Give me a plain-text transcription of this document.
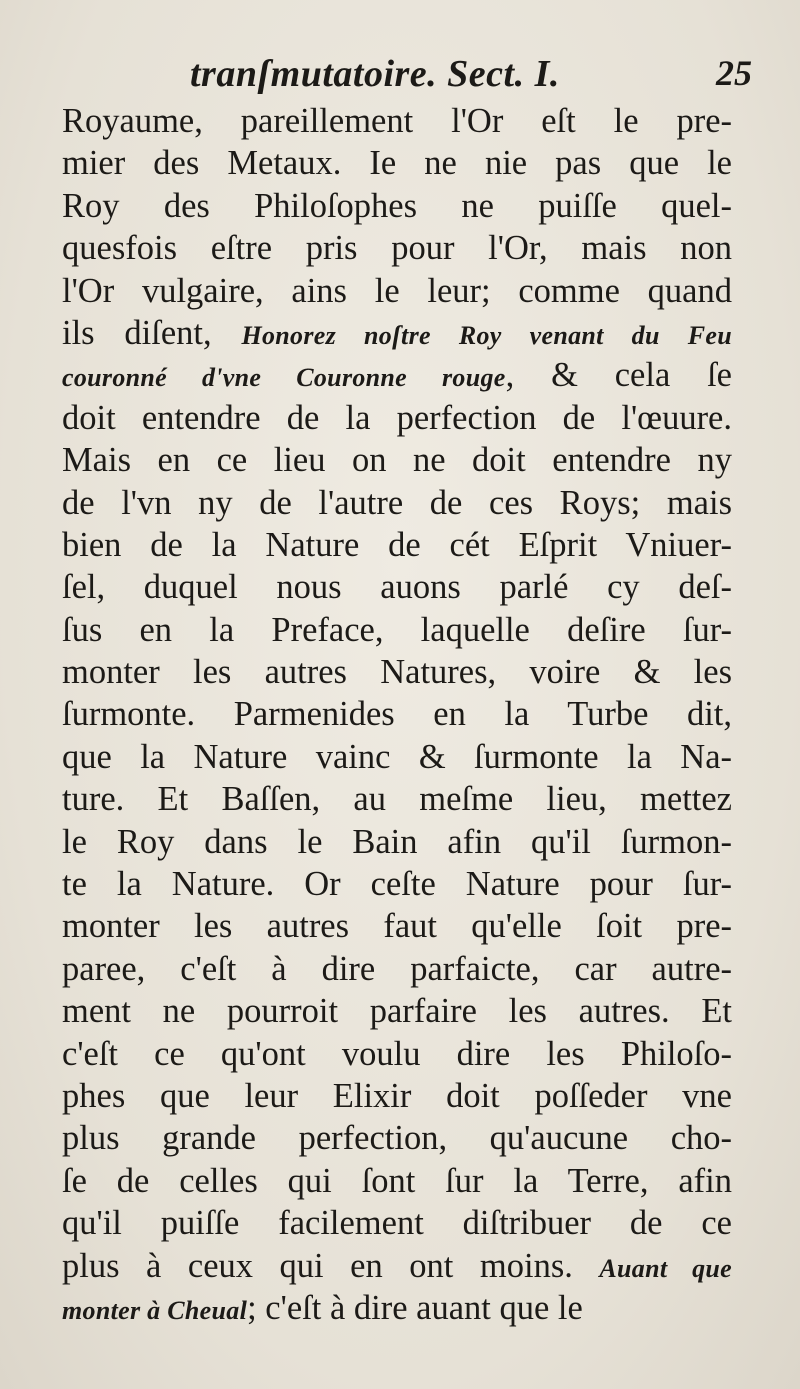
tranſmutatoire. Sect. I.	25
Royaume, pareillement l'Or eſt le pre-
mier des Metaux. Ie ne nie pas que le
Roy des Philoſophes ne puiſſe quel-
quesfois eſtre pris pour l'Or, mais non
l'Or vulgaire, ains le leur; comme quand
ils diſent, Honorez noſtre Roy venant du Feu
couronné d'vne Couronne rouge, & cela ſe
doit entendre de la perfection de l'œuure.
Mais en ce lieu on ne doit entendre ny
de l'vn ny de l'autre de ces Roys; mais
bien de la Nature de cét Eſprit Vniuer-
ſel, duquel nous auons parlé cy deſ-
ſus en la Preface, laquelle deſire ſur-
monter les autres Natures, voire & les
ſurmonte. Parmenides en la Turbe dit,
que la Nature vainc & ſurmonte la Na-
ture. Et Baſſen, au meſme lieu, mettez
le Roy dans le Bain afin qu'il ſurmon-
te la Nature. Or ceſte Nature pour ſur-
monter les autres faut qu'elle ſoit pre-
paree, c'eſt à dire parfaicte, car autre-
ment ne pourroit parfaire les autres. Et
c'eſt ce qu'ont voulu dire les Philoſo-
phes que leur Elixir doit poſſeder vne
plus grande perfection, qu'aucune cho-
ſe de celles qui ſont ſur la Terre, afin
qu'il puiſſe facilement diſtribuer de ce
plus à ceux qui en ont moins. Auant que
monter à Cheual; c'eſt à dire auant que le
